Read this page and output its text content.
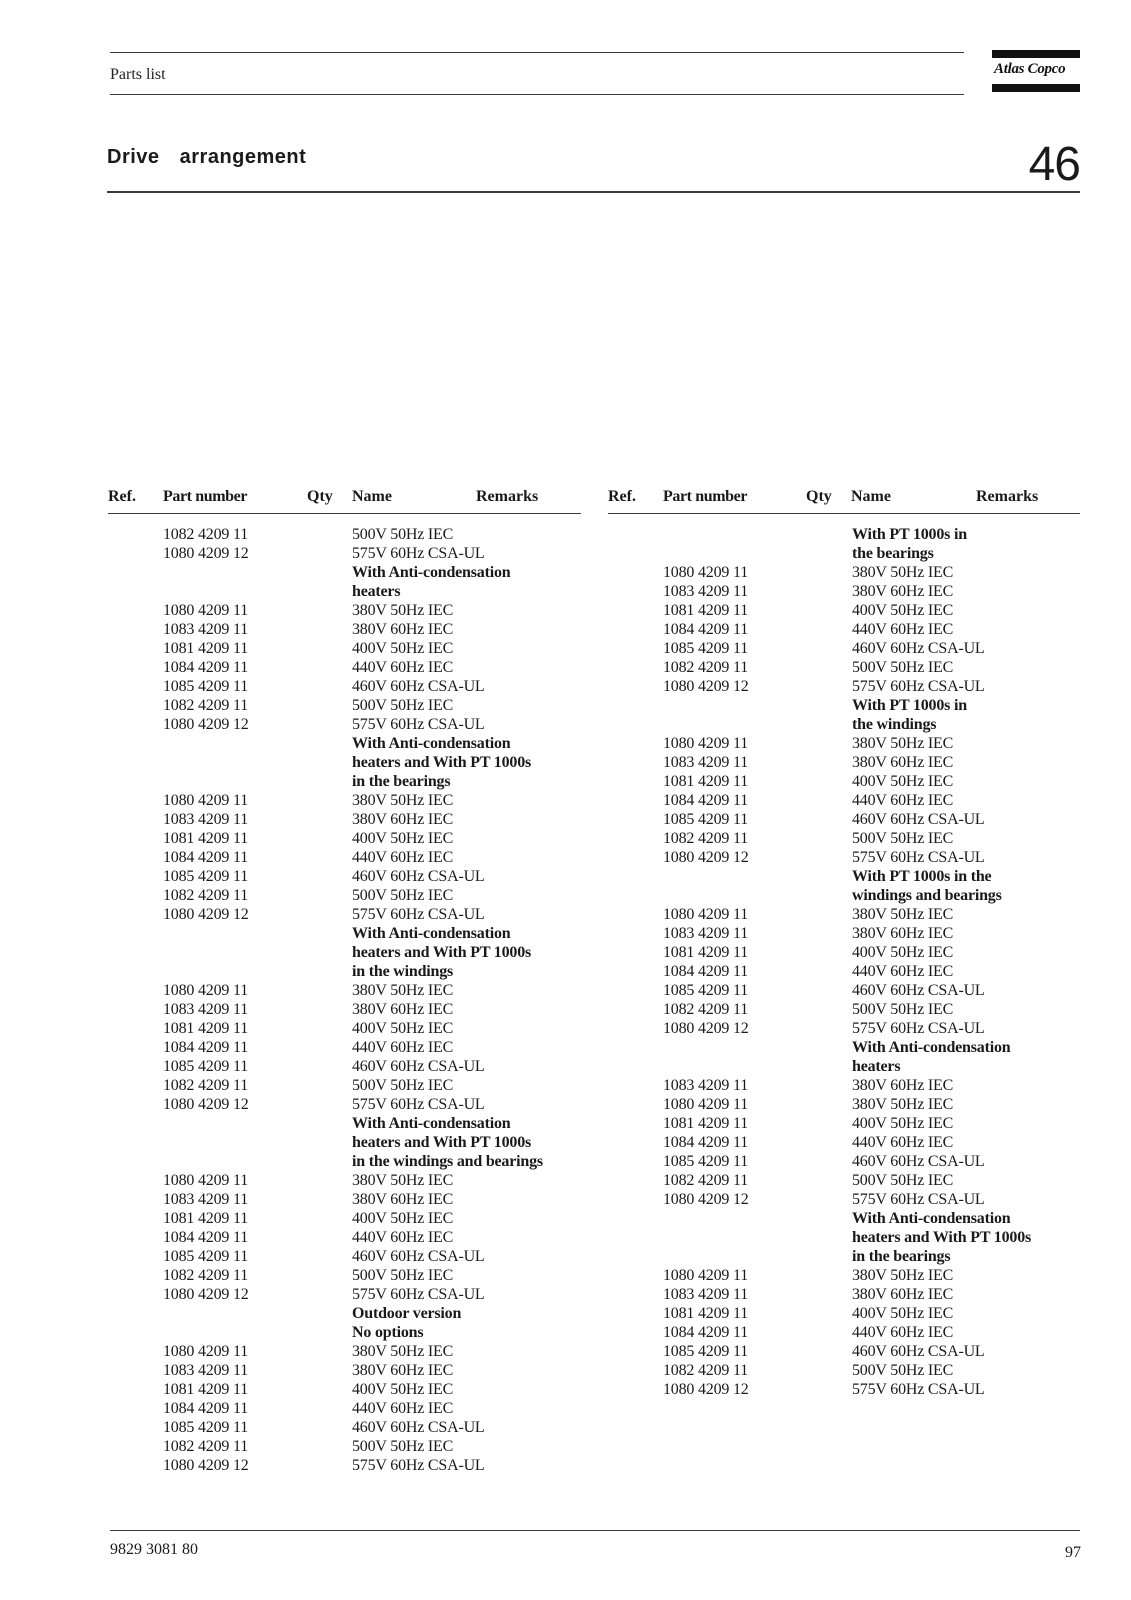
Parts list	Atlas Copco
Drive  arrangement	46
Ref. Part number	Qty Name	Remarks	Ref. Part number	Qty Name	Remarks
1082 4209 11	500V 50Hz IEC
1080 4209 12	575V 60Hz CSA-UL
With Anti-condensation
heaters
1080 4209 11	380V 50Hz IEC
1083 4209 11	380V 60Hz IEC
1081 4209 11	400V 50Hz IEC
1084 4209 11	440V 60Hz IEC
1085 4209 11	460V 60Hz CSA-UL
1082 4209 11	500V 50Hz IEC
1080 4209 12	575V 60Hz CSA-UL
With Anti-condensation
heaters and With PT 1000s
in the bearings
1080 4209 11	380V 50Hz IEC
1083 4209 11	380V 60Hz IEC
1081 4209 11	400V 50Hz IEC
1084 4209 11	440V 60Hz IEC
1085 4209 11	460V 60Hz CSA-UL
1082 4209 11	500V 50Hz IEC
1080 4209 12	575V 60Hz CSA-UL
With Anti-condensation
heaters and With PT 1000s
in the windings
1080 4209 11	380V 50Hz IEC
1083 4209 11	380V 60Hz IEC
1081 4209 11	400V 50Hz IEC
1084 4209 11	440V 60Hz IEC
1085 4209 11	460V 60Hz CSA-UL
1082 4209 11	500V 50Hz IEC
1080 4209 12	575V 60Hz CSA-UL
With Anti-condensation
heaters and With PT 1000s
in the windings and bearings
1080 4209 11	380V 50Hz IEC
1083 4209 11	380V 60Hz IEC
1081 4209 11	400V 50Hz IEC
1084 4209 11	440V 60Hz IEC
1085 4209 11	460V 60Hz CSA-UL
1082 4209 11	500V 50Hz IEC
1080 4209 12	575V 60Hz CSA-UL
Outdoor version
No options
1080 4209 11	380V 50Hz IEC
1083 4209 11	380V 60Hz IEC
1081 4209 11	400V 50Hz IEC
1084 4209 11	440V 60Hz IEC
1085 4209 11	460V 60Hz CSA-UL
1082 4209 11	500V 50Hz IEC
1080 4209 12	575V 60Hz CSA-UL
With PT 1000s in
the bearings
1080 4209 11	380V 50Hz IEC
1083 4209 11	380V 60Hz IEC
1081 4209 11	400V 50Hz IEC
1084 4209 11	440V 60Hz IEC
1085 4209 11	460V 60Hz CSA-UL
1082 4209 11	500V 50Hz IEC
1080 4209 12	575V 60Hz CSA-UL
With PT 1000s in
the windings
1080 4209 11	380V 50Hz IEC
1083 4209 11	380V 60Hz IEC
1081 4209 11	400V 50Hz IEC
1084 4209 11	440V 60Hz IEC
1085 4209 11	460V 60Hz CSA-UL
1082 4209 11	500V 50Hz IEC
1080 4209 12	575V 60Hz CSA-UL
With PT 1000s in the
windings and bearings
1080 4209 11	380V 50Hz IEC
1083 4209 11	380V 60Hz IEC
1081 4209 11	400V 50Hz IEC
1084 4209 11	440V 60Hz IEC
1085 4209 11	460V 60Hz CSA-UL
1082 4209 11	500V 50Hz IEC
1080 4209 12	575V 60Hz CSA-UL
With Anti-condensation
heaters
1083 4209 11	380V 60Hz IEC
1080 4209 11	380V 50Hz IEC
1081 4209 11	400V 50Hz IEC
1084 4209 11	440V 60Hz IEC
1085 4209 11	460V 60Hz CSA-UL
1082 4209 11	500V 50Hz IEC
1080 4209 12	575V 60Hz CSA-UL
With Anti-condensation
heaters and With PT 1000s
in the bearings
1080 4209 11	380V 50Hz IEC
1083 4209 11	380V 60Hz IEC
1081 4209 11	400V 50Hz IEC
1084 4209 11	440V 60Hz IEC
1085 4209 11	460V 60Hz CSA-UL
1082 4209 11	500V 50Hz IEC
1080 4209 12	575V 60Hz CSA-UL
9829 3081 80	97
